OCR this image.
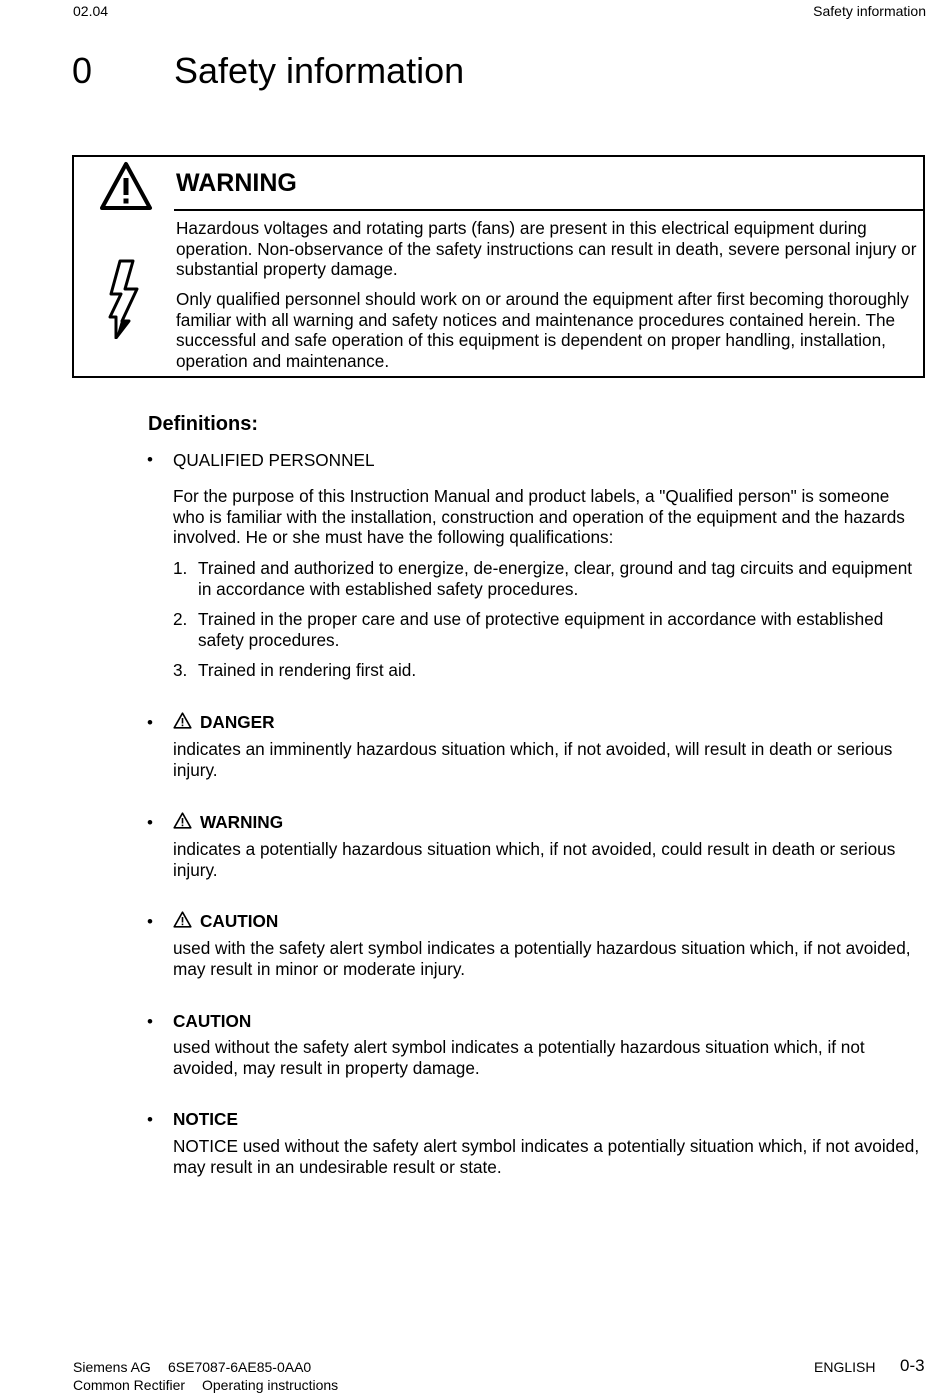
02.04	Safety information
0 Safety information
WARNING

Hazardous voltages and rotating parts (fans) are present in this electrical equipment during operation. Non-observance of the safety instructions can result in death, severe personal injury or substantial property damage.

Only qualified personnel should work on or around the equipment after first becoming thoroughly familiar with all warning and safety notices and maintenance procedures contained herein. The successful and safe operation of this equipment is dependent on proper handling, installation, operation and maintenance.

Definitions:
• QUALIFIED PERSONNEL

For the purpose of this Instruction Manual and product labels, a "Qualified person" is someone who is familiar with the installation, construction and operation of the equipment and the hazards involved. He or she must have the following qualifications:

1. Trained and authorized to energize, de-energize, clear, ground and tag circuits and equipment in accordance with established safety procedures.

2. Trained in the proper care and use of protective equipment in accordance with established safety procedures.

3. Trained in rendering first aid.

•	DANGER

indicates an imminently hazardous situation which, if not avoided, will result in death or serious injury.

•	WARNING

indicates a potentially hazardous situation which, if not avoided, could result in death or serious injury.

•	CAUTION

used with the safety alert symbol indicates a potentially hazardous situation which, if not avoided, may result in minor or moderate injury.

• CAUTION

used without the safety alert symbol indicates a potentially hazardous situation which, if not avoided, may result in property damage.

• NOTICE

NOTICE used without the safety alert symbol indicates a potentially situation which, if not avoided, may result in an undesirable result or state.

Siemens AG 6SE7087-6AE85-0AA0
Common Rectifier Operating instructions
ENGLISH 0-3
